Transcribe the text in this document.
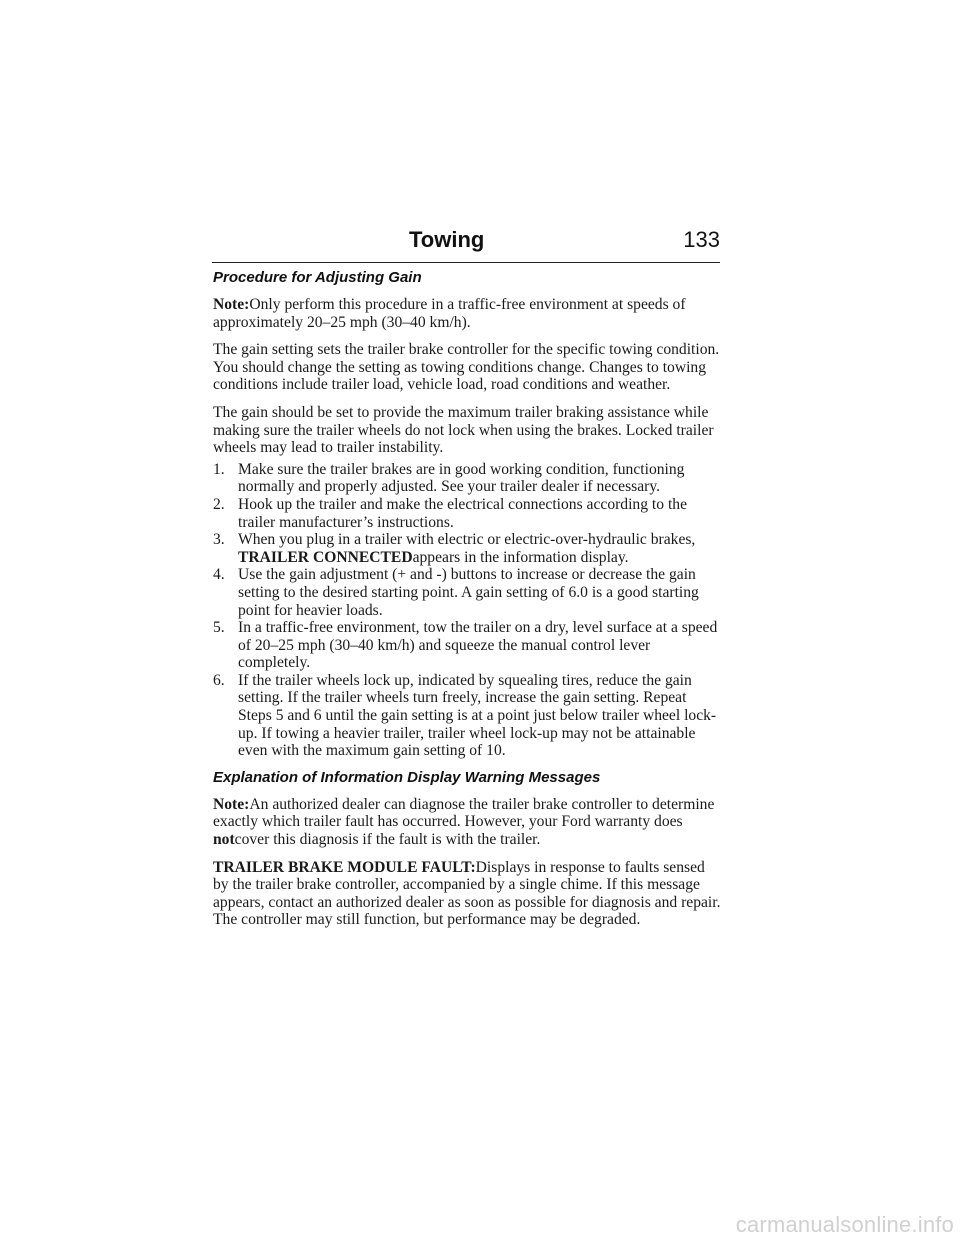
Towing	133
Procedure for Adjusting Gain

Note:Only perform this procedure in a traffic-free environment at speeds of approximately 20–25 mph (30–40 km/h).

The gain setting sets the trailer brake controller for the specific towing condition. You should change the setting as towing conditions change. Changes to towing conditions include trailer load, vehicle load, road conditions and weather.

The gain should be set to provide the maximum trailer braking assistance while making sure the trailer wheels do not lock when using the brakes. Locked trailer wheels may lead to trailer instability.

1. Make sure the trailer brakes are in good working condition, functioning normally and properly adjusted. See your trailer dealer if necessary.
2. Hook up the trailer and make the electrical connections according to the trailer manufacturer’s instructions.
3. When you plug in a trailer with electric or electric-over-hydraulic brakes, TRAILER CONNECTEDappears in the information display.
4. Use the gain adjustment (+ and -) buttons to increase or decrease the gain setting to the desired starting point. A gain setting of 6.0 is a good starting point for heavier loads.
5. In a traffic-free environment, tow the trailer on a dry, level surface at a speed of 20–25 mph (30–40 km/h) and squeeze the manual control lever completely.
6. If the trailer wheels lock up, indicated by squealing tires, reduce the gain setting. If the trailer wheels turn freely, increase the gain setting. Repeat Steps 5 and 6 until the gain setting is at a point just below trailer wheel lock-up. If towing a heavier trailer, trailer wheel lock-up may not be attainable even with the maximum gain setting of 10.
Explanation of Information Display Warning Messages

Note:An authorized dealer can diagnose the trailer brake controller to determine exactly which trailer fault has occurred. However, your Ford warranty does notcover this diagnosis if the fault is with the trailer.

TRAILER BRAKE MODULE FAULT:Displays in response to faults sensed by the trailer brake controller, accompanied by a single chime. If this message appears, contact an authorized dealer as soon as possible for diagnosis and repair. The controller may still function, but performance may be degraded.

carmanualsonline.info
